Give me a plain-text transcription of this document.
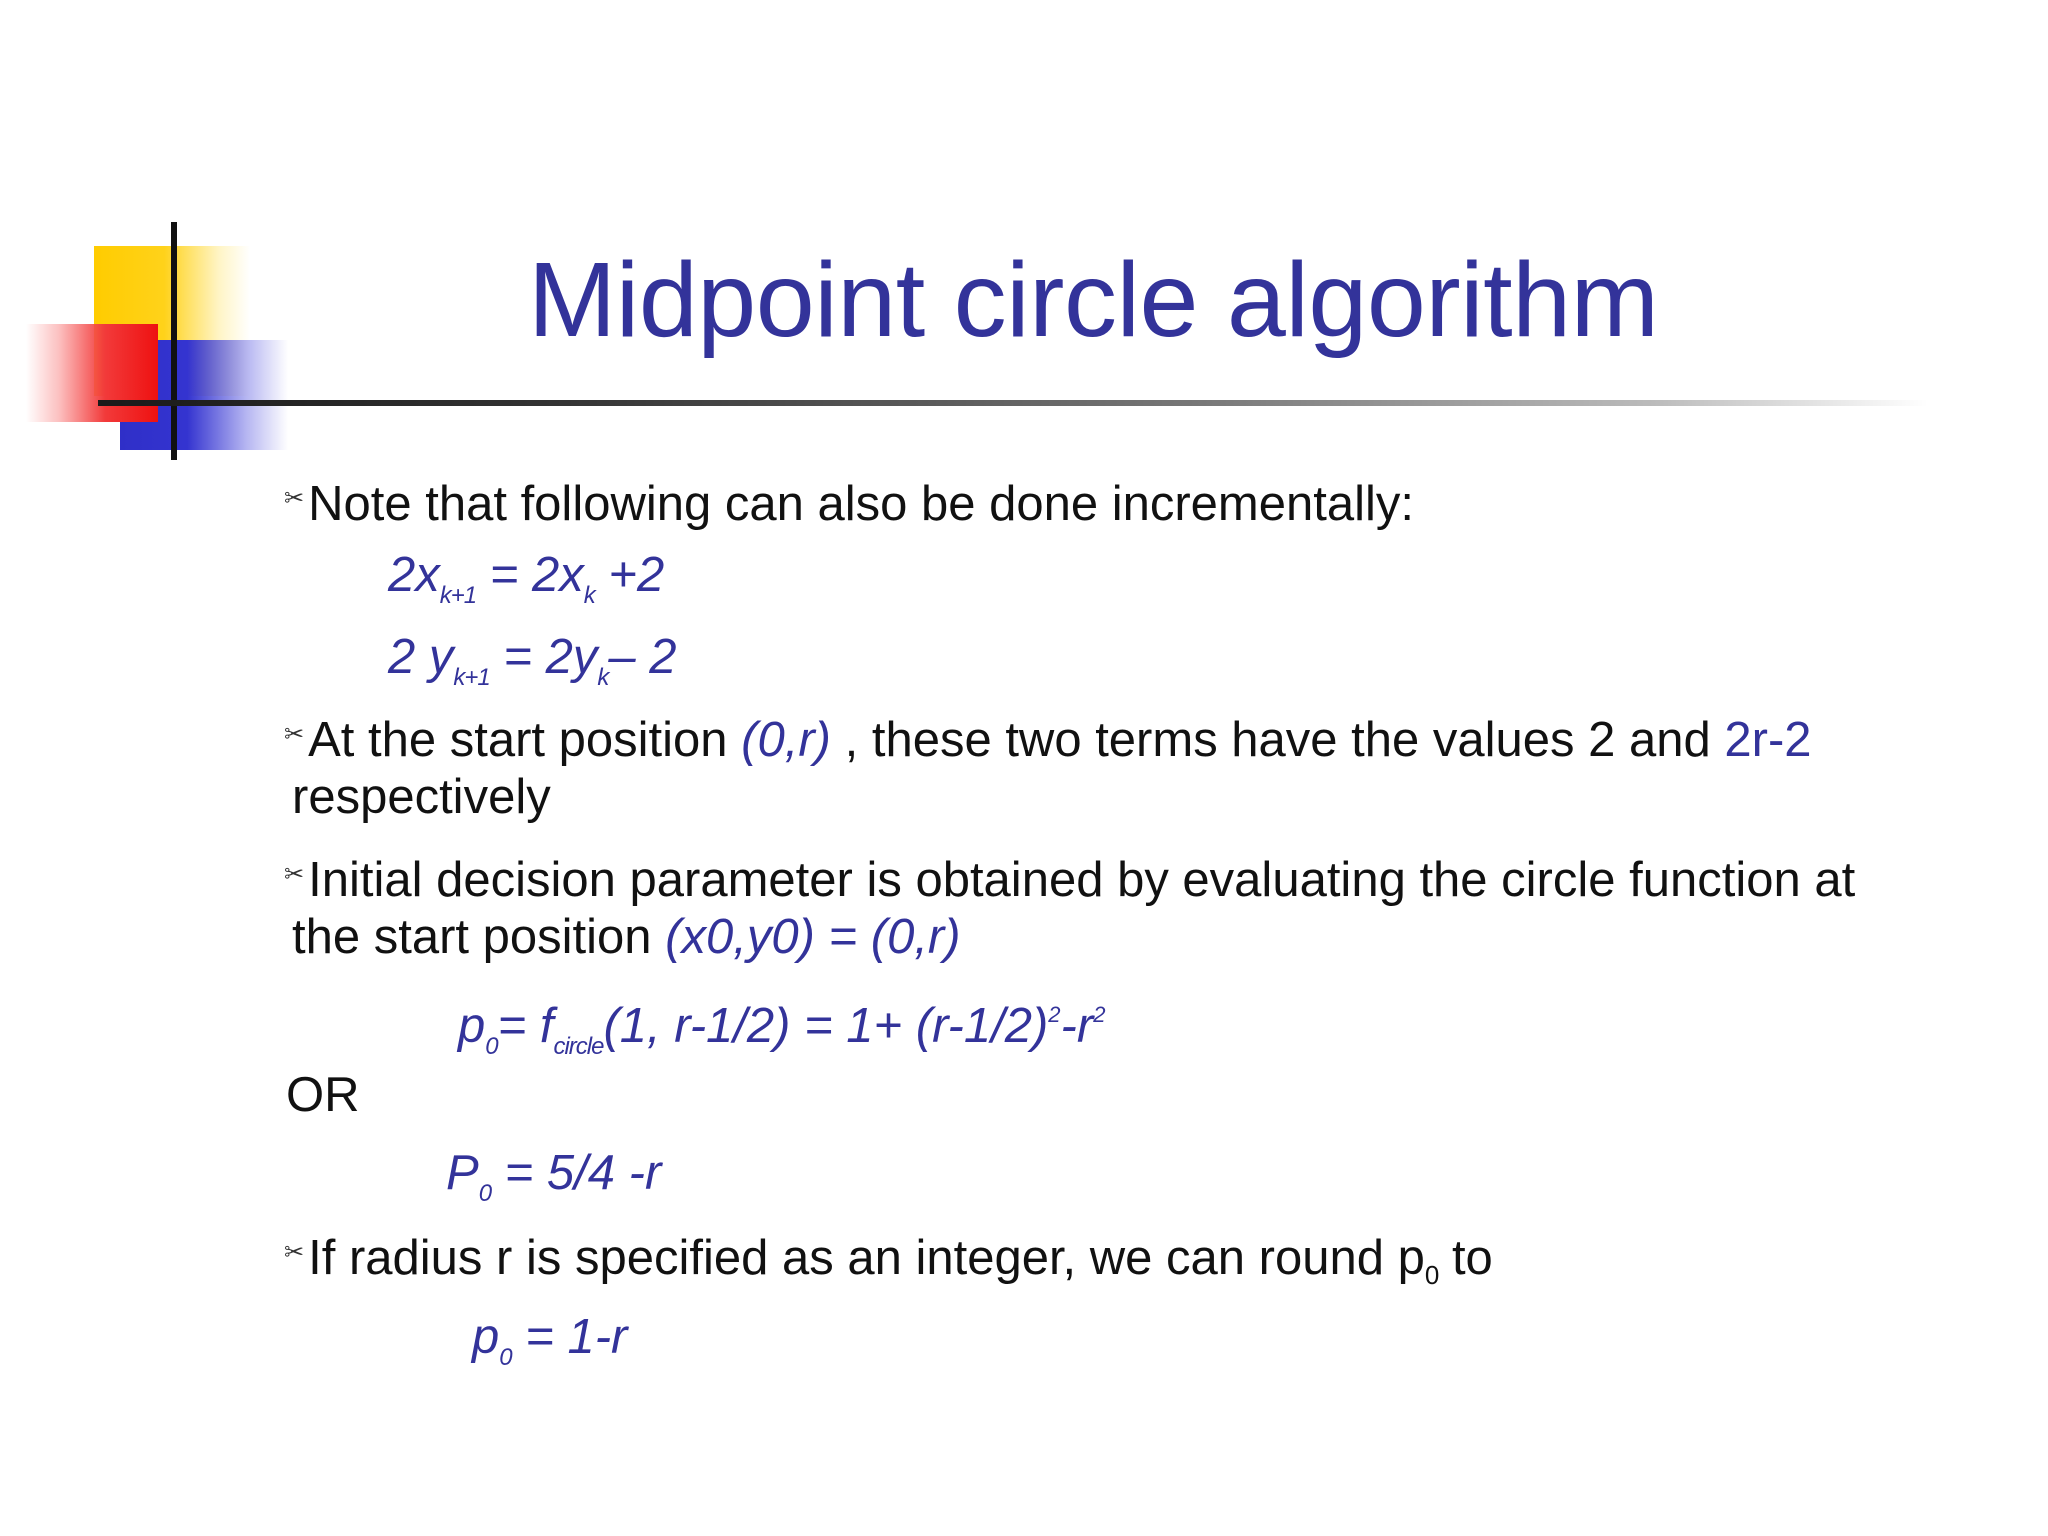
Midpoint circle algorithm
✂Note that following can also be done incrementally:
$2x_{k+1} = 2x_k +2$
2 $y_{k+1} = 2y_k-$ 2
✂At the start position (0,r) , these two terms have the values 2 and 2r-2
respectively
✂Initial decision parameter is obtained by evaluating the circle function at
the start position (x0,y0) = (0,r)
$p_0= f_{circle}(1$, $r-1/2) = 1+ (r-1/2)^2-r^2$
OR
$P_0 = 5/4$ -r
✂If radius r is specified as an integer, we can round $p_0$ to
$p_0 = 1-r$
